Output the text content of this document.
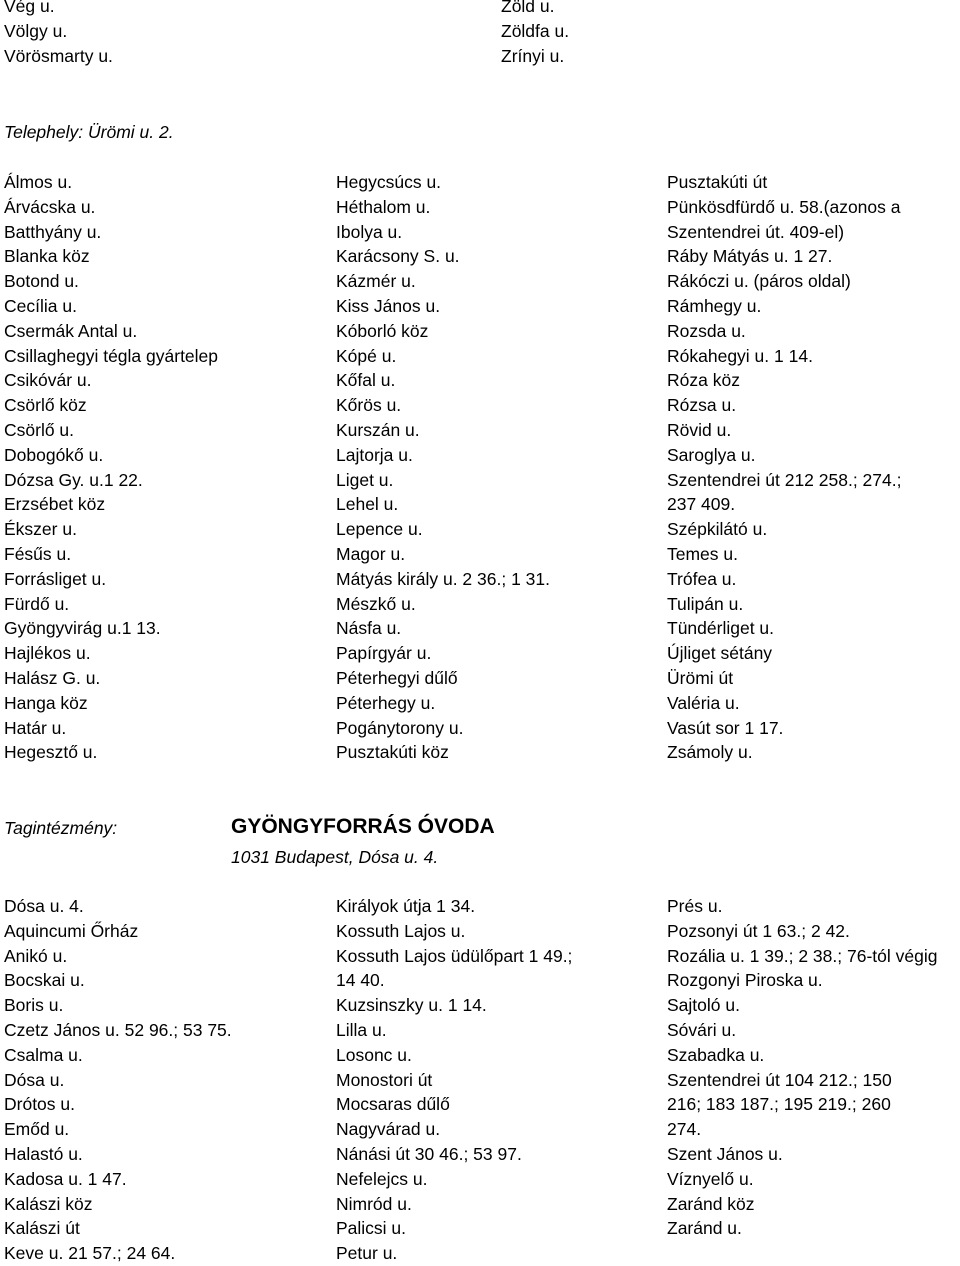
Vég u.
Völgy u.
Vörösmarty u.
Zöld u.
Zöldfa u.
Zrínyi u.
Telephely: Ürömi u. 2.
Álmos u.
Árvácska u.
Batthyány u.
Blanka köz
Botond u.
Cecília u.
Csermák Antal u.
Csillaghegyi tégla gyártelep
Csikóvár u.
Csörlő köz
Csörlő u.
Dobogókő u.
Dózsa Gy. u.1 22.
Erzsébet köz
Ékszer u.
Fésűs u.
Forrásliget u.
Fürdő u.
Gyöngyvirág u.1 13.
Hajlékos u.
Halász G. u.
Hanga köz
Határ u.
Hegesztő u.
Hegycsúcs u.
Héthalom u.
Ibolya u.
Karácsony S. u.
Kázmér u.
Kiss János u.
Kóborló köz
Kópé u.
Kőfal u.
Kőrös u.
Kurszán u.
Lajtorja u.
Liget u.
Lehel u.
Lepence u.
Magor u.
Mátyás király u. 2 36.; 1 31.
Mészkő u.
Násfa u.
Papírgyár u.
Péterhegyi dűlő
Péterhegy u.
Pogánytorony u.
Pusztakúti köz
Pusztakúti út
Pünkösdfürdő u. 58.(azonos a
Szentendrei út. 409-el)
Ráby Mátyás u. 1 27.
Rákóczi u. (páros oldal)
Rámhegy u.
Rozsda u.
Rókahegyi u. 1 14.
Róza köz
Rózsa u.
Rövid u.
Saroglya u.
Szentendrei út 212 258.; 274.;
237 409.
Szépkilátó u.
Temes u.
Trófea u.
Tulipán u.
Tündérliget u.
Újliget sétány
Ürömi út
Valéria u.
Vasút sor 1 17.
Zsámoly u.
Tagintézmény:	GYÖNGYFORRÁS ÓVODA
1031 Budapest, Dósa u. 4.
Dósa u. 4.
Aquincumi Őrház
Anikó u.
Bocskai u.
Boris u.
Czetz János u. 52 96.; 53 75.
Csalma u.
Dósa u.
Drótos u.
Emőd u.
Halastó u.
Kadosa u. 1 47.
Kalászi köz
Kalászi út
Keve u. 21 57.; 24 64.
Királyok útja 1 34.
Kossuth Lajos u.
Kossuth Lajos üdülőpart 1 49.;
14 40.
Kuzsinszky u. 1 14.
Lilla u.
Losonc u.
Monostori út
Mocsaras dűlő
Nagyvárad u.
Nánási út 30 46.; 53 97.
Nefelejcs u.
Nimród u.
Palicsi u.
Petur u.
Prés u.
Pozsonyi út 1 63.; 2 42.
Rozália u. 1 39.; 2 38.; 76-tól végig
Rozgonyi Piroska u.
Sajtoló u.
Sóvári u.
Szabadka u.
Szentendrei út 104 212.; 150
216; 183 187.; 195 219.; 260
274.
Szent János u.
Víznyelő u.
Zaránd köz
Zaránd u.
